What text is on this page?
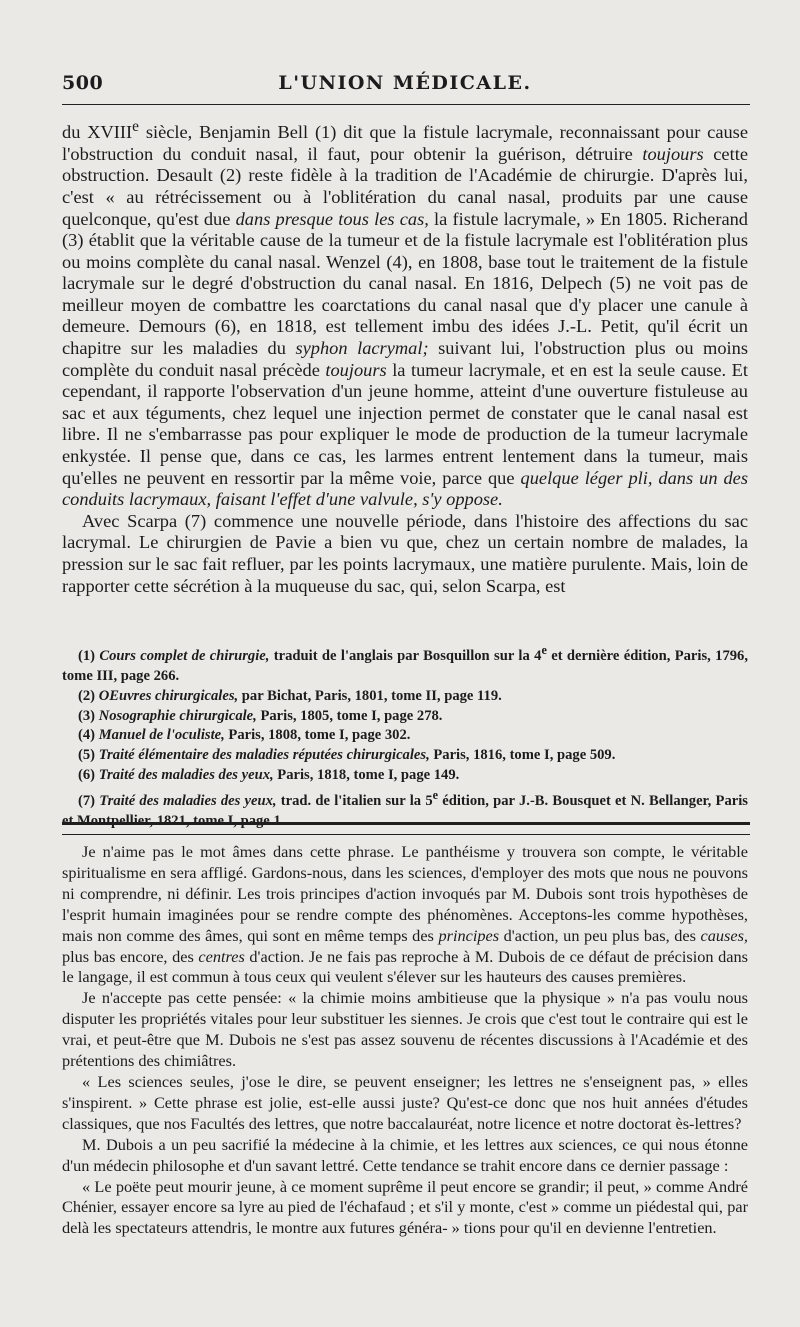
500	L'UNION MÉDICALE.

du XVIIIe siècle, Benjamin Bell (1) dit que la fistule lacrymale, reconnaissant pour cause l'obstruction du conduit nasal, il faut, pour obtenir la guérison, détruire toujours cette obstruction. Desault (2) reste fidèle à la tradition de l'Académie de chirurgie. D'après lui, c'est « au rétrécissement ou à l'oblitération du canal nasal, produits par une cause quelconque, qu'est due dans presque tous les cas, la fistule lacrymale, » En 1805. Richerand (3) établit que la véritable cause de la tumeur et de la fistule lacrymale est l'oblitération plus ou moins complète du canal nasal. Wenzel (4), en 1808, base tout le traitement de la fistule lacrymale sur le degré d'obstruction du canal nasal. En 1816, Delpech (5) ne voit pas de meilleur moyen de combattre les coarctations du canal nasal que d'y placer une canule à demeure. Demours (6), en 1818, est tellement imbu des idées J.-L. Petit, qu'il écrit un chapitre sur les maladies du syphon lacrymal; suivant lui, l'obstruction plus ou moins complète du conduit nasal précède toujours la tumeur lacrymale, et en est la seule cause. Et cependant, il rapporte l'observation d'un jeune homme, atteint d'une ouverture fistuleuse au sac et aux téguments, chez lequel une injection permet de constater que le canal nasal est libre. Il ne s'embarrasse pas pour expliquer le mode de production de la tumeur lacrymale enkystée. Il pense que, dans ce cas, les larmes entrent lentement dans la tumeur, mais qu'elles ne peuvent en ressortir par la même voie, parce que quelque léger pli, dans un des conduits lacrymaux, faisant l'effet d'une valvule, s'y oppose.

Avec Scarpa (7) commence une nouvelle période, dans l'histoire des affections du sac lacrymal. Le chirurgien de Pavie a bien vu que, chez un certain nombre de malades, la pression sur le sac fait refluer, par les points lacrymaux, une matière purulente. Mais, loin de rapporter cette sécrétion à la muqueuse du sac, qui, selon Scarpa, est

(1) Cours complet de chirurgie, traduit de l'anglais par Bosquillon sur la 4e et dernière édition, Paris, 1796, tome III, page 266.

(2) OEuvres chirurgicales, par Bichat, Paris, 1801, tome II, page 119.

(3) Nosographie chirurgicale, Paris, 1805, tome I, page 278.

(4) Manuel de l'oculiste, Paris, 1808, tome I, page 302.

(5) Traité élémentaire des maladies réputées chirurgicales, Paris, 1816, tome I, page 509.

(6) Traité des maladies des yeux, Paris, 1818, tome I, page 149.

(7) Traité des maladies des yeux, trad. de l'italien sur la 5e édition, par J.-B. Bousquet et N. Bellanger, Paris et Montpellier, 1821, tome I, page 1.

Je n'aime pas le mot âmes dans cette phrase. Le panthéisme y trouvera son compte, le véritable spiritualisme en sera affligé. Gardons-nous, dans les sciences, d'employer des mots que nous ne pouvons ni comprendre, ni définir. Les trois principes d'action invoqués par M. Dubois sont trois hypothèses de l'esprit humain imaginées pour se rendre compte des phénomènes. Acceptons-les comme hypothèses, mais non comme des âmes, qui sont en même temps des principes d'action, un peu plus bas, des causes, plus bas encore, des centres d'action. Je ne fais pas reproche à M. Dubois de ce défaut de précision dans le langage, il est commun à tous ceux qui veulent s'élever sur les hauteurs des causes premières.

Je n'accepte pas cette pensée: « la chimie moins ambitieuse que la physique » n'a pas voulu nous disputer les propriétés vitales pour leur substituer les siennes. Je crois que c'est tout le contraire qui est le vrai, et peut-être que M. Dubois ne s'est pas assez souvenu de récentes discussions à l'Académie et des prétentions des chimiâtres.

« Les sciences seules, j'ose le dire, se peuvent enseigner; les lettres ne s'enseignent pas, » elles s'inspirent. » Cette phrase est jolie, est-elle aussi juste? Qu'est-ce donc que nos huit années d'études classiques, que nos Facultés des lettres, que notre baccalauréat, notre licence et notre doctorat ès-lettres?

M. Dubois a un peu sacrifié la médecine à la chimie, et les lettres aux sciences, ce qui nous étonne d'un médecin philosophe et d'un savant lettré. Cette tendance se trahit encore dans ce dernier passage :

« Le poëte peut mourir jeune, à ce moment suprême il peut encore se grandir; il peut, » comme André Chénier, essayer encore sa lyre au pied de l'échafaud ; et s'il y monte, c'est » comme un piédestal qui, par delà les spectateurs attendris, le montre aux futures généra- » tions pour qu'il en devienne l'entretien.
